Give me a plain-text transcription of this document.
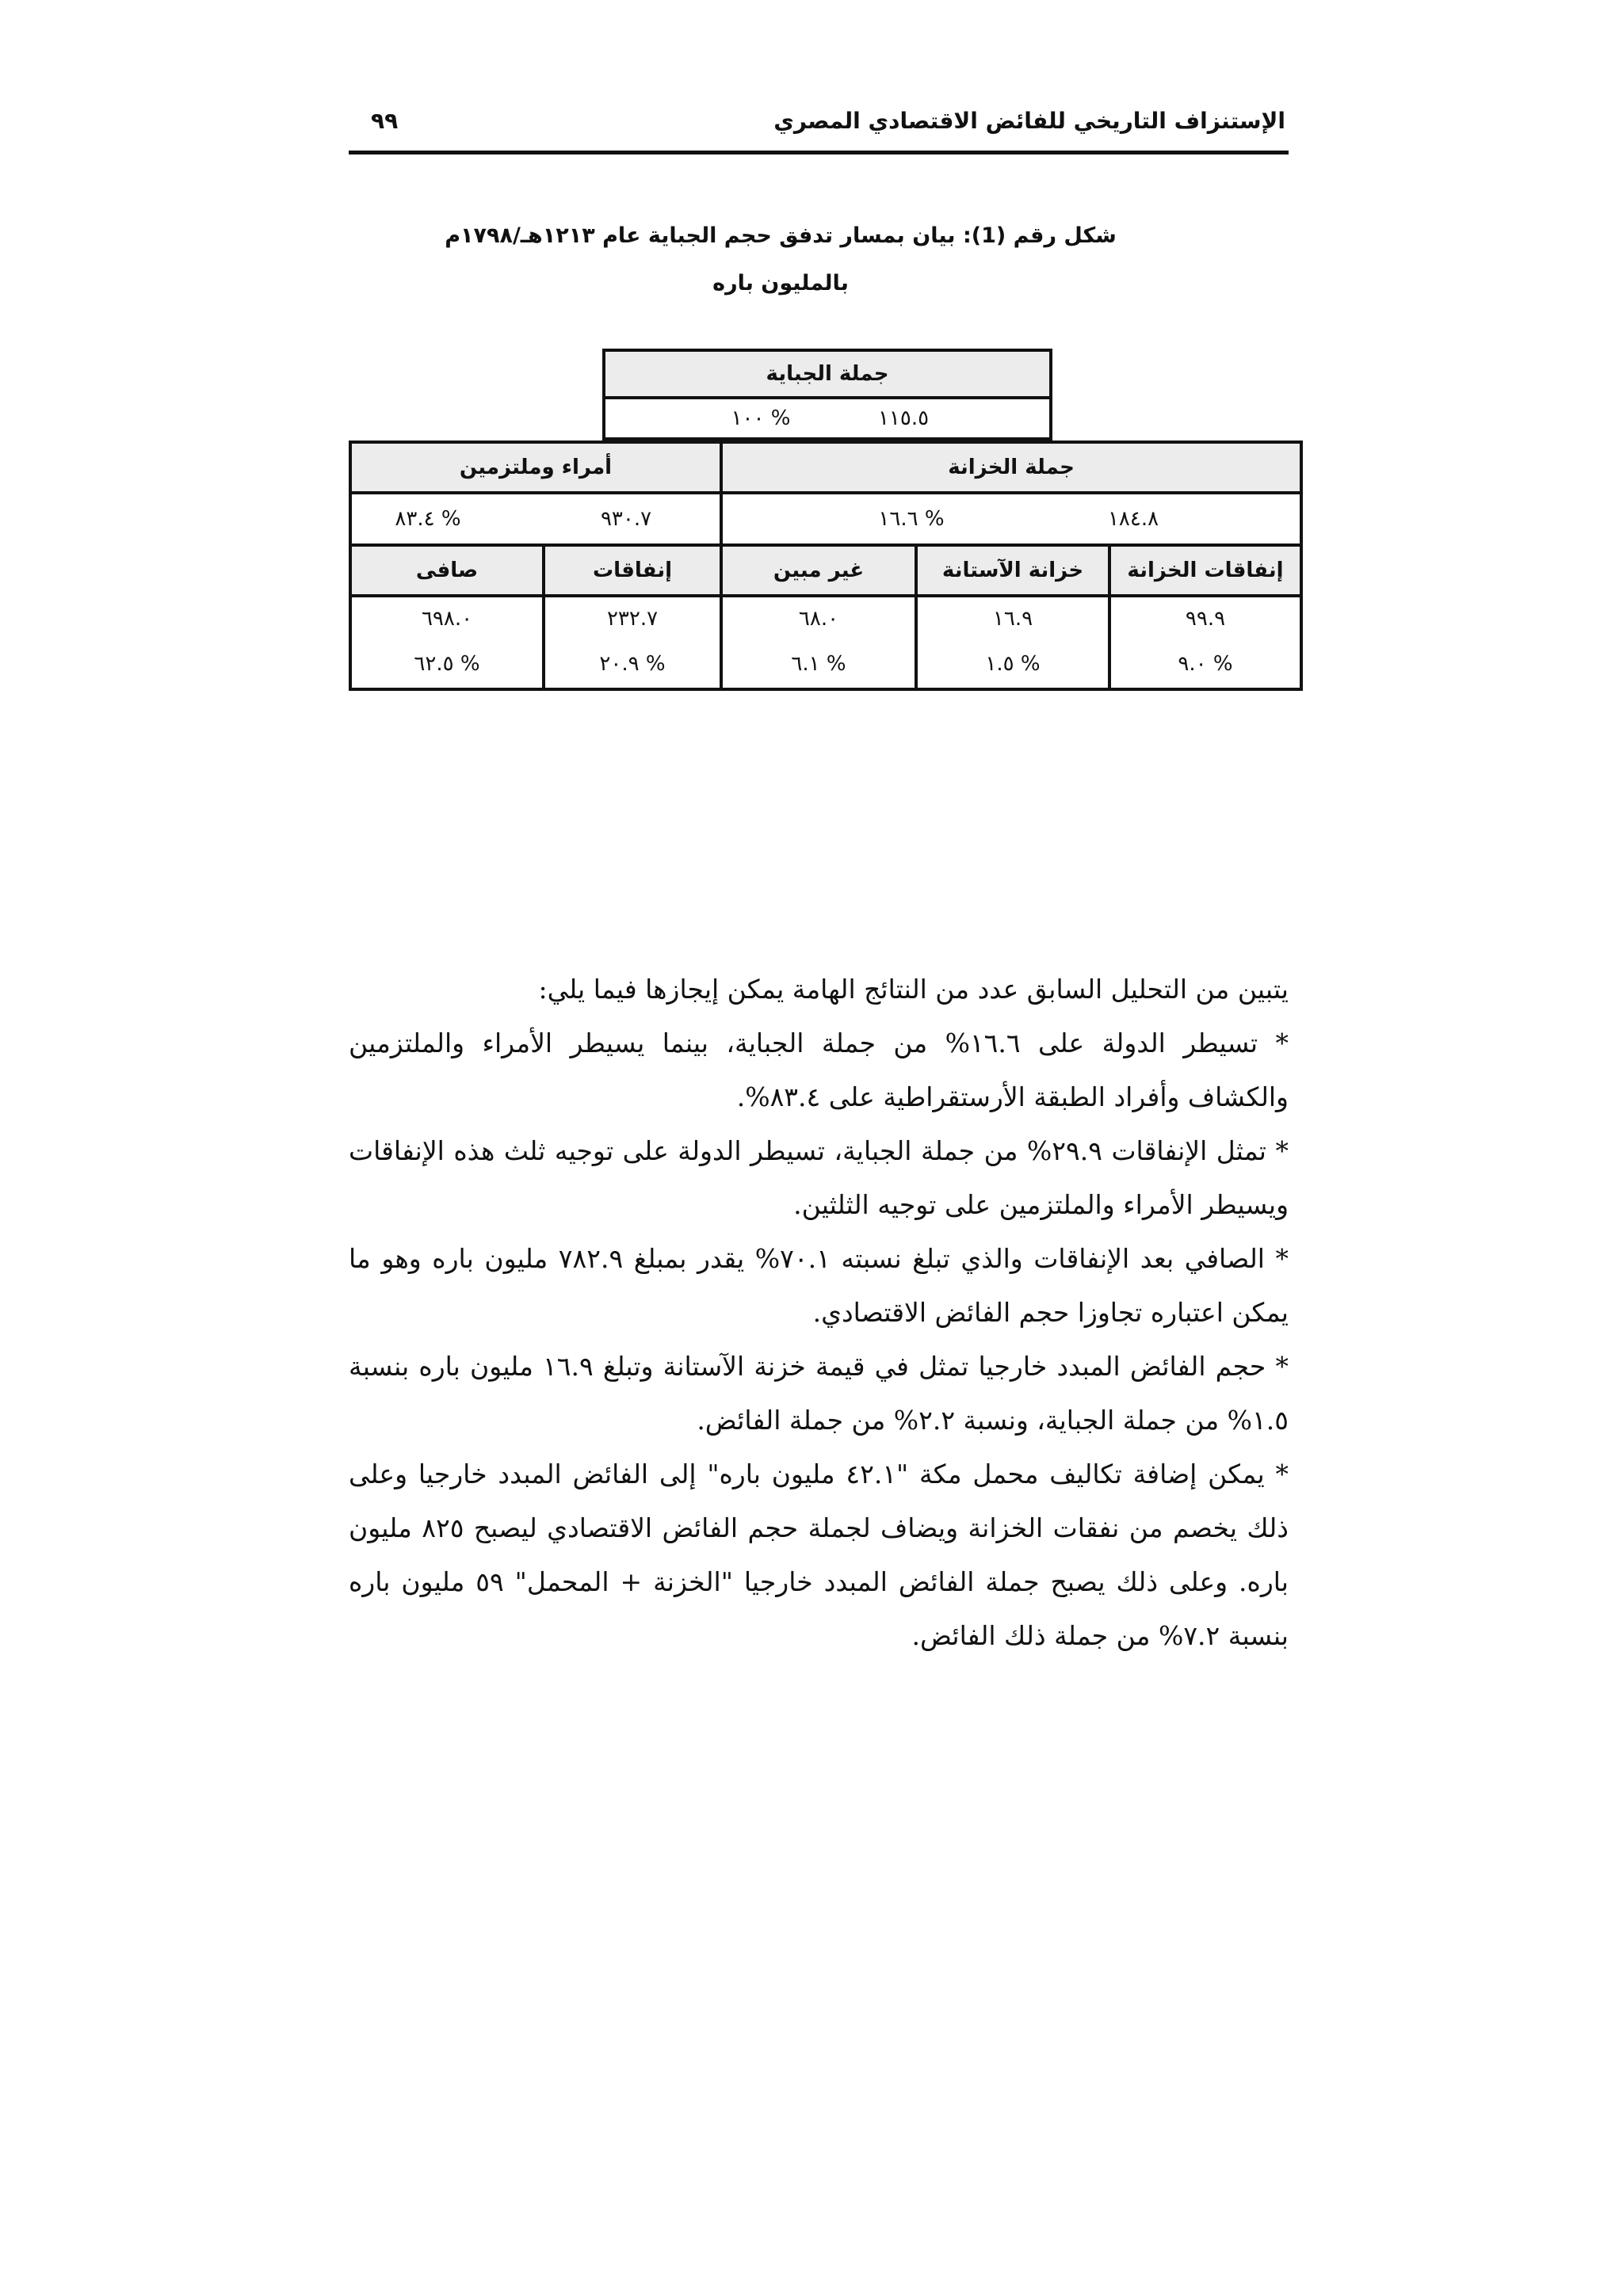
الإستنزاف التاريخي للفائض الاقتصادي المصري
٩٩
شكل رقم (1): بيان بمسار تدفق حجم الجباية عام ١٢١٣هـ/١٧٩٨م
بالمليون باره
جملة الجباية
١١٥.٥
% ١٠٠
جملة الخزانة
أمراء وملتزمين
١٨٤.٨
% ١٦.٦
٩٣٠.٧
% ٨٣.٤
إنفاقات الخزانة
خزانة الآستانة
غير مبين
إنفاقات
صافى
٩٩.٩
١٦.٩
٦٨.٠
٢٣٢.٧
٦٩٨.٠
% ٩.٠
% ١.٥
% ٦.١
% ٢٠.٩
% ٦٢.٥

يتبين من التحليل السابق عدد من النتائج الهامة يمكن إيجازها فيما يلي:

* تسيطر الدولة على ١٦.٦% من جملة الجباية، بينما يسيطر الأمراء والملتزمين والكشاف وأفراد الطبقة الأرستقراطية على ٨٣.٤%.

* تمثل الإنفاقات ٢٩.٩% من جملة الجباية، تسيطر الدولة على توجيه ثلث هذه الإنفاقات ويسيطر الأمراء والملتزمين على توجيه الثلثين.

* الصافي بعد الإنفاقات والذي تبلغ نسبته ٧٠.١% يقدر بمبلغ ٧٨٢.٩ مليون باره وهو ما يمكن اعتباره تجاوزا حجم الفائض الاقتصادي.

* حجم الفائض المبدد خارجيا تمثل في قيمة خزنة الآستانة وتبلغ ١٦.٩ مليون باره بنسبة ١.٥% من جملة الجباية، ونسبة ٢.٢% من جملة الفائض.

* يمكن إضافة تكاليف محمل مكة "٤٢.١ مليون باره" إلى الفائض المبدد خارجيا وعلى ذلك يخصم من نفقات الخزانة ويضاف لجملة حجم الفائض الاقتصادي ليصبح ٨٢٥ مليون باره. وعلى ذلك يصبح جملة الفائض المبدد خارجيا "الخزنة + المحمل" ٥٩ مليون باره بنسبة ٧.٢% من جملة ذلك الفائض.
